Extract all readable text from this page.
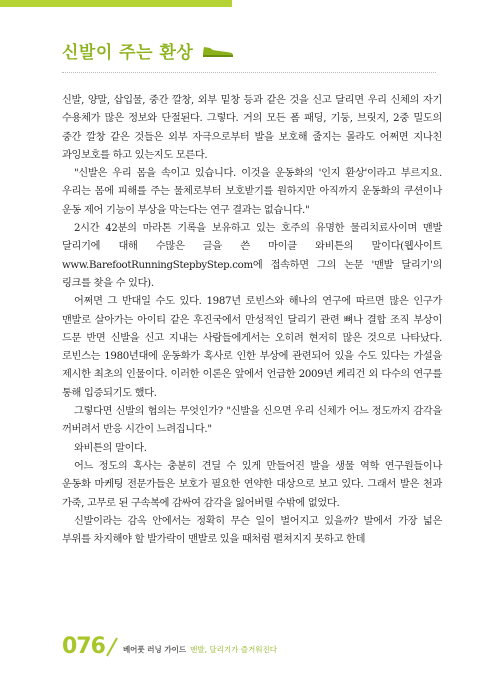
신발이 주는 환상

신발, 양말, 삽입물, 중간 깔창, 외부 밑창 등과 같은 것을 신고 달리면 우리 신체의 자기 수용체가 많은 정보와 단절된다. 그렇다. 거의 모든 폼 패딩, 기둥, 브릿지, 2중 밀도의 중간 깔창 같은 것들은 외부 자극으로부터 발을 보호해 줄지는 몰라도 어쩌면 지나친 과잉보호를 하고 있는지도 모른다.

"신발은 우리 몸을 속이고 있습니다. 이것을 운동화의 '인지 환상'이라고 부르지요. 우리는 몸에 피해를 주는 물체로부터 보호받기를 원하지만 아직까지 운동화의 쿠션이나 운동 제어 기능이 부상을 막는다는 연구 결과는 없습니다."

2시간 42분의 마라톤 기록을 보유하고 있는 호주의 유명한 물리치료사이며 맨발 달리기에 대해 수많은 글을 쓴 마이클 와비튼의 말이다(웹사이트 www.BarefootRunningStepbyStep.com에 접속하면 그의 논문 '맨발 달리기'의 링크를 찾을 수 있다).

어쩌면 그 반대일 수도 있다. 1987년 로빈스와 해나의 연구에 따르면 많은 인구가 맨발로 살아가는 아이티 같은 후진국에서 만성적인 달리기 관련 뼈나 결합 조직 부상이 드문 반면 신발을 신고 지내는 사람들에게서는 오히려 현저히 많은 것으로 나타났다. 로빈스는 1980년대에 운동화가 혹사로 인한 부상에 관련되어 있을 수도 있다는 가설을 제시한 최초의 인물이다. 이러한 이론은 앞에서 언급한 2009년 케리건 외 다수의 연구를 통해 입증되기도 했다.

그렇다면 신발의 협의는 무엇인가? "신발을 신으면 우리 신체가 어느 정도까지 감각을 꺼버려서 반응 시간이 느려집니다."

와비튼의 말이다.

어느 정도의 혹사는 충분히 견딜 수 있게 만들어진 발을 생물 역학 연구원들이나 운동화 마케팅 전문가들은 보호가 필요한 연약한 대상으로 보고 있다. 그래서 발은 천과 가죽, 고무로 된 구속복에 감싸여 감각을 잃어버릴 수밖에 없었다.

신발이라는 감옥 안에서는 정확히 무슨 일이 벌어지고 있을까? 발에서 가장 넓은 부위를 차지해야 할 발가락이 맨발로 있을 때처럼 펼쳐지지 못하고 한데

076 베어풋 러닝 가이드 맨발, 달리기가 즐거워진다
